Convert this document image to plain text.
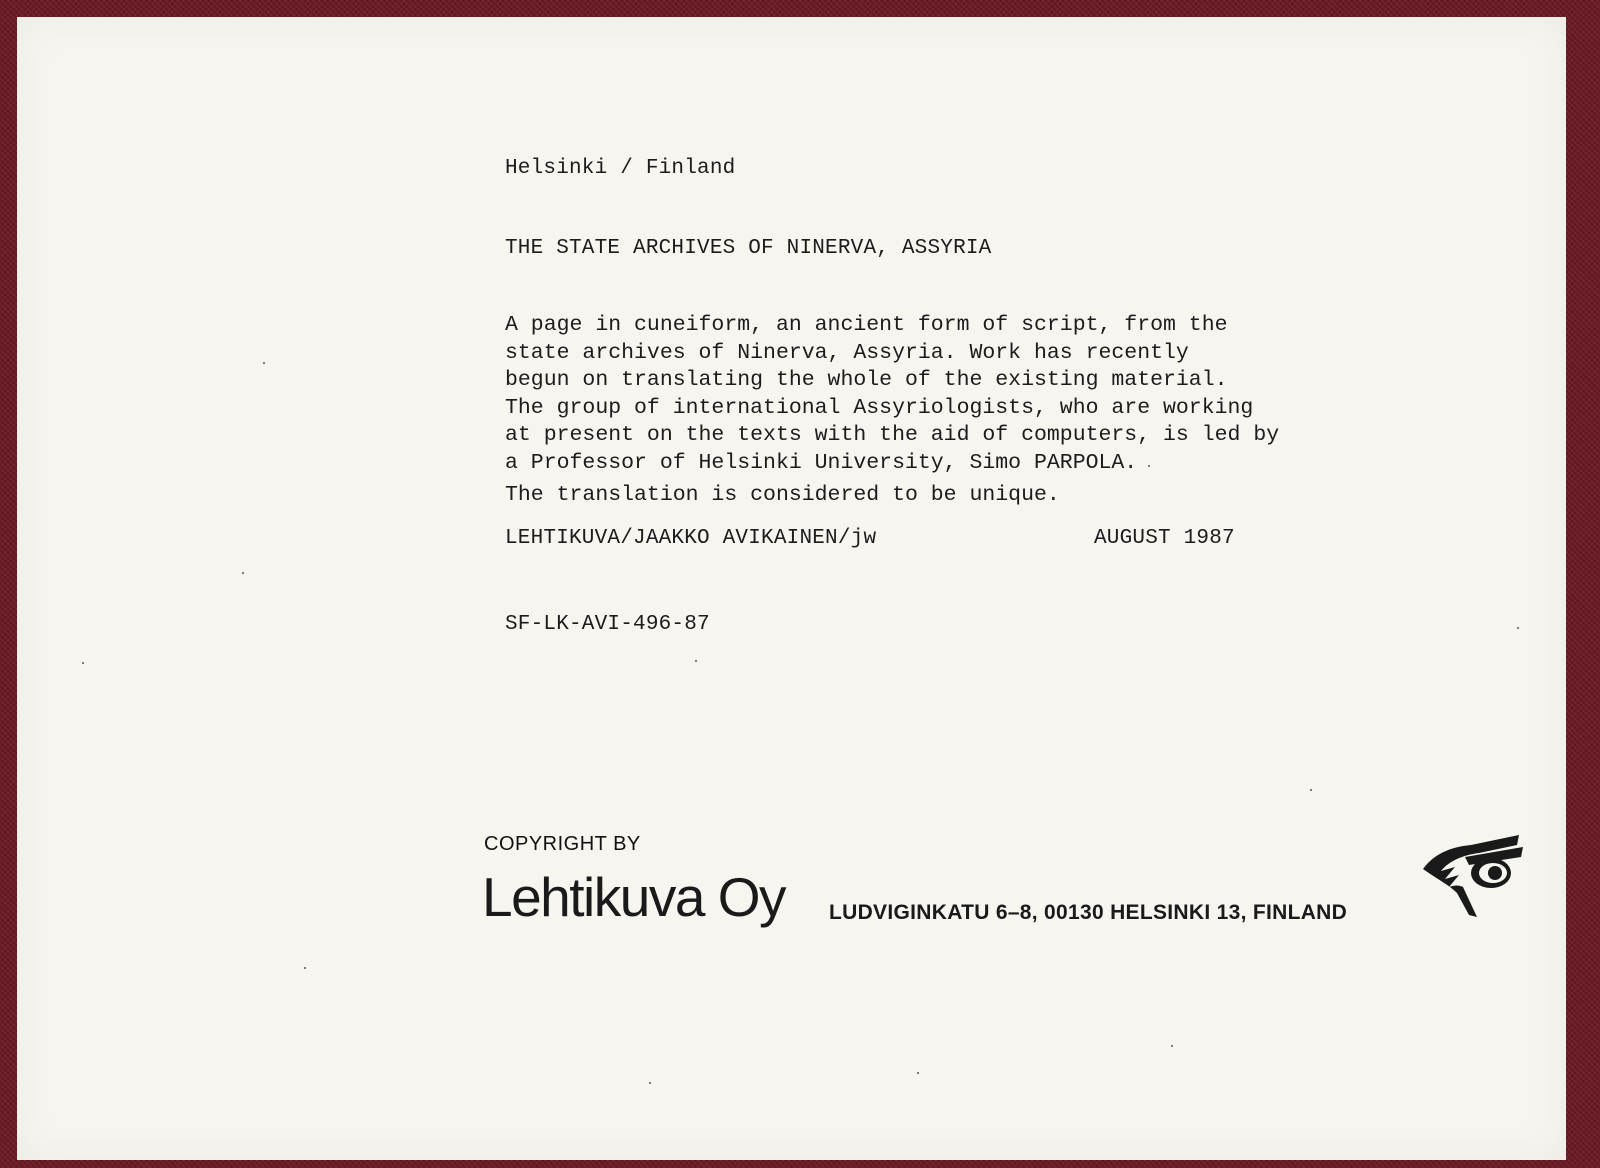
Helsinki / Finland
THE STATE ARCHIVES OF NINERVA, ASSYRIA
A page in cuneiform, an ancient form of script, from the
state archives of Ninerva, Assyria. Work has recently
begun on translating the whole of the existing material.
The group of international Assyriologists, who are working
at present on the texts with the aid of computers, is led by
a Professor of Helsinki University, Simo PARPOLA.
The translation is considered to be unique.
LEHTIKUVA/JAAKKO AVIKAINEN/jw	AUGUST 1987
SF-LK-AVI-496-87
COPYRIGHT BY
Lehtikuva Oy LUDVIGINKATU 6–8, 00130 HELSINKI 13, FINLAND
